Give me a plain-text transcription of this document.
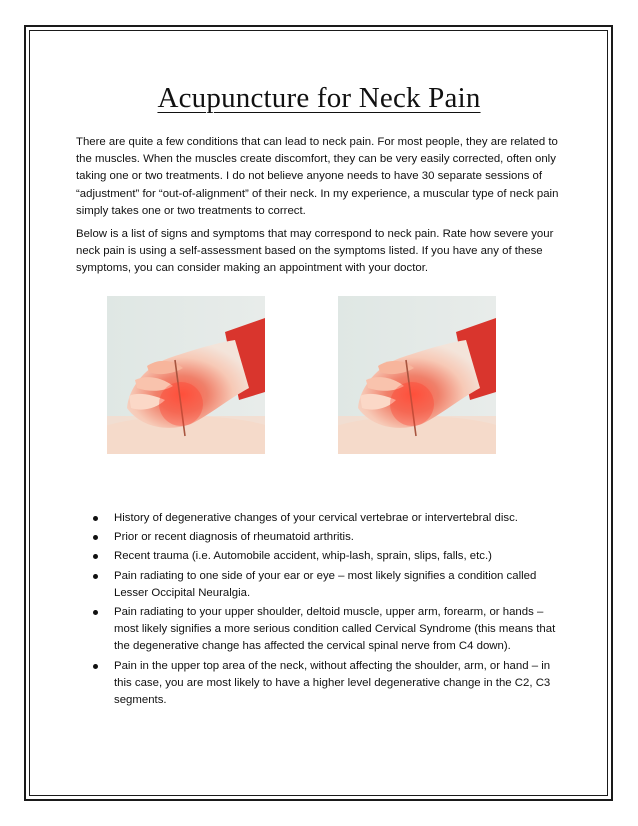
Acupuncture for Neck Pain

There are quite a few conditions that can lead to neck pain. For most people, they are related to the muscles. When the muscles create discomfort, they can be very easily corrected, often only taking one or two treatments. I do not believe anyone needs to have 30 separate sessions of “adjustment” for “out-of-alignment” of their neck. In my experience, a muscular type of neck pain simply takes one or two treatments to correct.

Below is a list of signs and symptoms that may correspond to neck pain. Rate how severe your neck pain is using a self-assessment based on the symptoms listed. If you have any of these symptoms, you can consider making an appointment with your doctor.

History of degenerative changes of your cervical vertebrae or intervertebral disc.
Prior or recent diagnosis of rheumatoid arthritis.
Recent trauma (i.e. Automobile accident, whip-lash, sprain, slips, falls, etc.)
Pain radiating to one side of your ear or eye – most likely signifies a condition called Lesser Occipital Neuralgia.
Pain radiating to your upper shoulder, deltoid muscle, upper arm, forearm, or hands – most likely signifies a more serious condition called Cervical Syndrome (this means that the degenerative change has affected the cervical spinal nerve from C4 down).
Pain in the upper top area of the neck, without affecting the shoulder, arm, or hand – in this case, you are most likely to have a higher level degenerative change in the C2, C3 segments.
